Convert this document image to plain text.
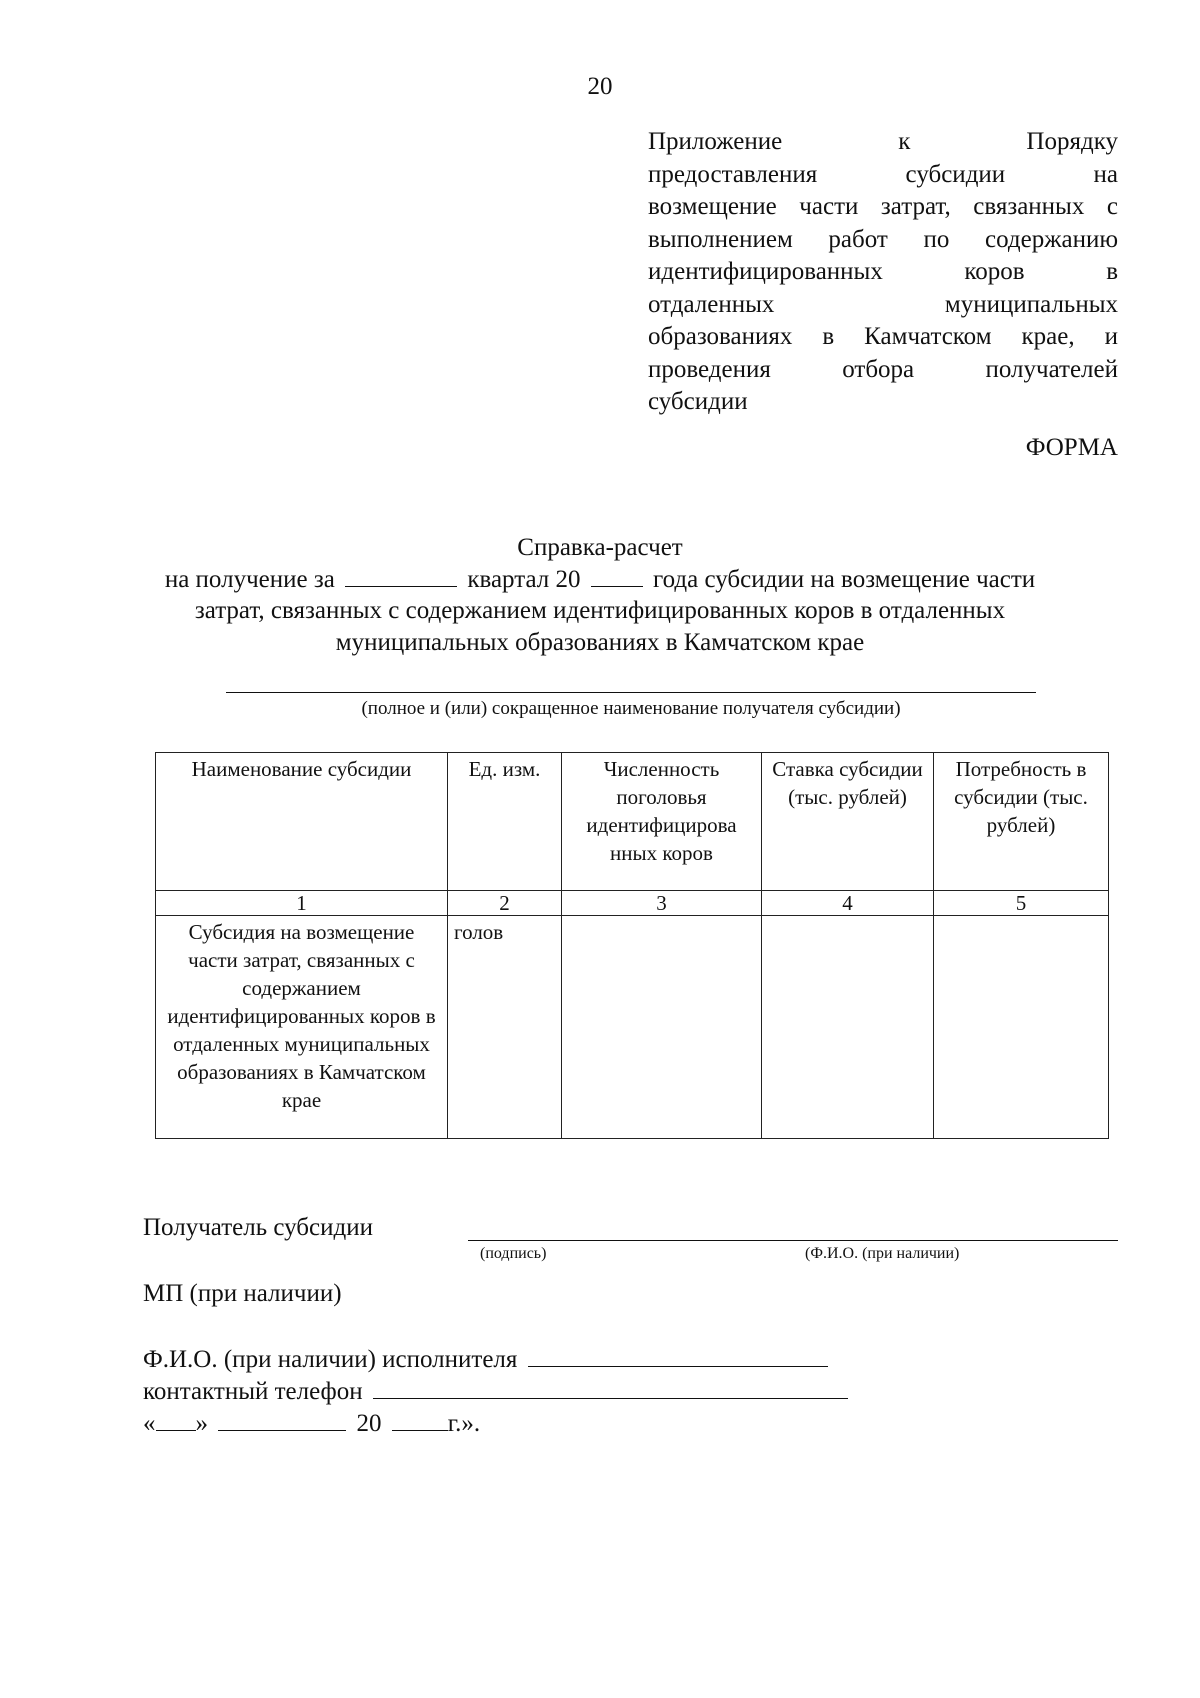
20
Приложение к Порядку
предоставления субсидии на
возмещение части затрат, связанных с
выполнением работ по содержанию
идентифицированных коров в
отдаленных муниципальных
образованиях в Камчатском крае, и
проведения отбора получателей
субсидии
ФОРМА
Справка-расчет
на получение за	квартал 20	года субсидии на возмещение части
затрат, связанных с содержанием идентифицированных коров в отдаленных
муниципальных образованиях в Камчатском крае
(полное и (или) сокращенное наименование получателя субсидии)
Наименование субсидии	Ед. изм.	Численность поголовья идентифицирова нных коров	Ставка субсидии (тыс. рублей)	Потребность в субсидии (тыс. рублей)
1	2	3	4	5
Субсидия на возмещение части затрат, связанных с содержанием идентифицированных коров в отдаленных муниципальных образованиях в Камчатском крае	голов			
Получатель субсидии
(подпись)	(Ф.И.О. (при наличии)
МП (при наличии)
Ф.И.О. (при наличии) исполнителя
контактный телефон
« »	20	г.».
